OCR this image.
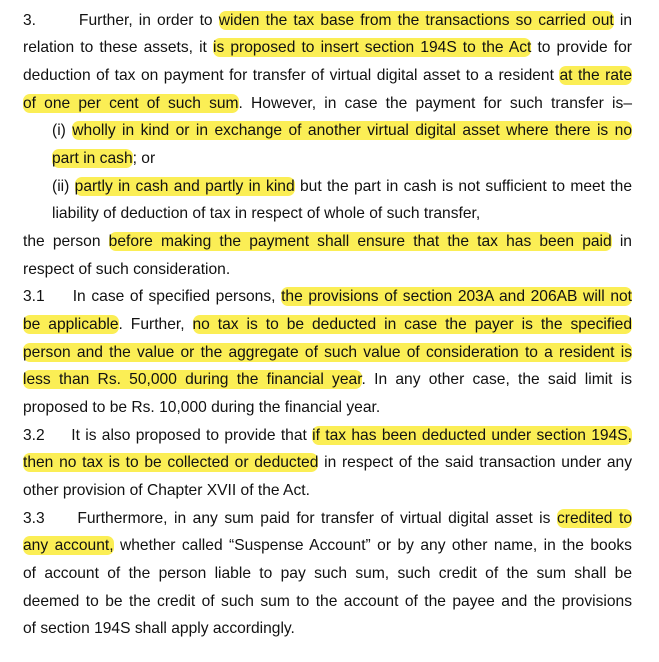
3.       Further, in order to widen the tax base from the transactions so carried out in
relation to these assets, it is proposed to insert section 194S to the Act to provide for
deduction of tax on payment for transfer of virtual digital asset to a resident at the rate
of one per cent of such sum. However, in case the payment for such transfer is–
(i) wholly in kind or in exchange of another virtual digital asset where there is no
part in cash; or
(ii) partly in cash and partly in kind but the part in cash is not sufficient to meet the
liability of deduction of tax in respect of whole of such transfer,
the person before making the payment shall ensure that the tax has been paid in
respect of such consideration.
3.1     In case of specified persons, the provisions of section 203A and 206AB will not
be applicable. Further, no tax is to be deducted in case the payer is the specified
person and the value or the aggregate of such value of consideration to a resident is
less than Rs. 50,000 during the financial year. In any other case, the said limit is
proposed to be Rs. 10,000 during the financial year.
3.2     It is also proposed to provide that if tax has been deducted under section 194S,
then no tax is to be collected or deducted in respect of the said transaction under any
other provision of Chapter XVII of the Act.
3.3     Furthermore, in any sum paid for transfer of virtual digital asset is credited to
any account, whether called “Suspense Account” or by any other name, in the books
of account of the person liable to pay such sum, such credit of the sum shall be
deemed to be the credit of such sum to the account of the payee and the provisions
of section 194S shall apply accordingly.
